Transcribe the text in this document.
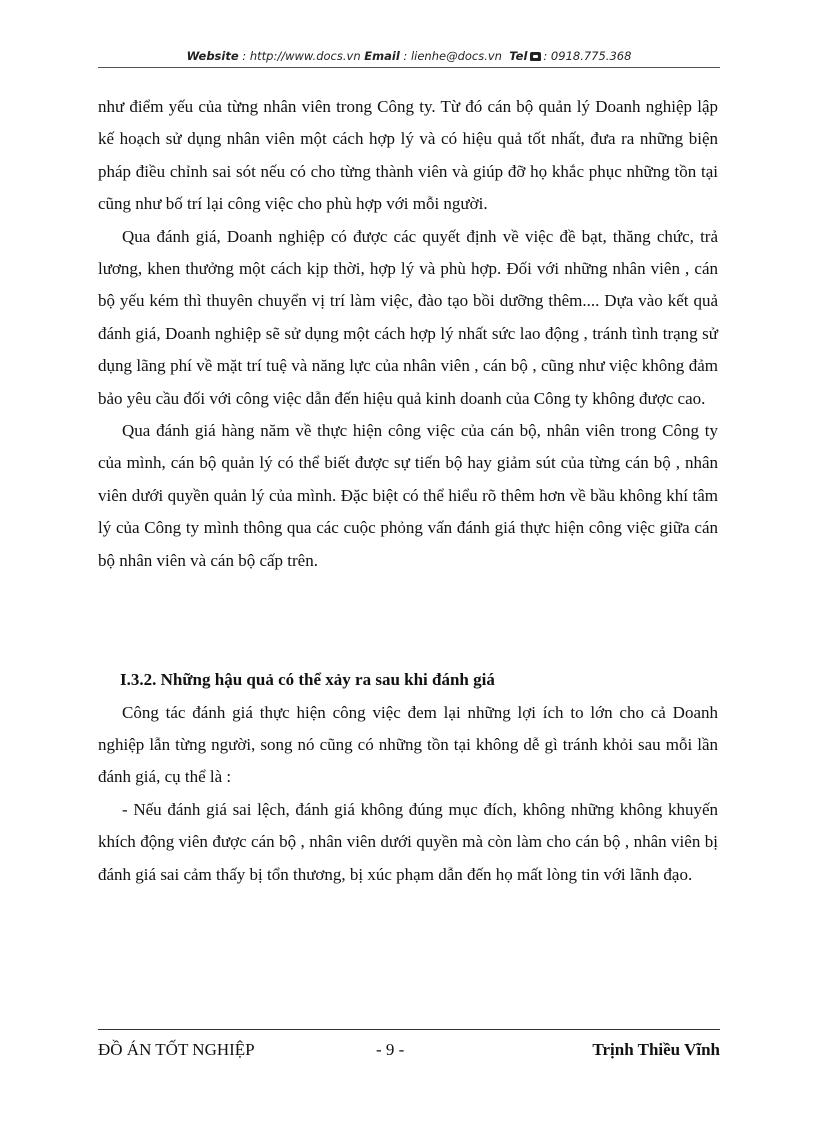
Website : http://www.docs.vn Email : lienhe@docs.vn Tel : 0918.775.368

như điểm yếu của từng nhân viên trong Công ty. Từ đó cán bộ quản lý Doanh nghiệp lập kế hoạch sử dụng nhân viên một cách hợp lý và có hiệu quả tốt nhất, đưa ra những biện pháp điều chỉnh sai sót nếu có cho từng thành viên và giúp đỡ họ khắc phục những tồn tại cũng như bố trí lại công việc cho phù hợp với mỗi người.

Qua đánh giá, Doanh nghiệp có được các quyết định về việc đề bạt, thăng chức, trả lương, khen thưởng một cách kịp thời, hợp lý và phù hợp. Đối với những nhân viên , cán bộ yếu kém thì thuyên chuyển vị trí làm việc, đào tạo bồi dưỡng thêm.... Dựa vào kết quả đánh giá, Doanh nghiệp sẽ sử dụng một cách hợp lý nhất sức lao động , tránh tình trạng sử dụng lãng phí về mặt trí tuệ và năng lực của nhân viên , cán bộ , cũng như việc không đảm bảo yêu cầu đối với công việc dẫn đến hiệu quả kinh doanh của Công ty không được cao.

Qua đánh giá hàng năm về thực hiện công việc của cán bộ, nhân viên trong Công ty của mình, cán bộ quản lý có thể biết được sự tiến bộ hay giảm sút của từng cán bộ , nhân viên dưới quyền quản lý của mình. Đặc biệt có thể hiểu rõ thêm hơn về bầu không khí tâm lý của Công ty mình thông qua các cuộc phỏng vấn đánh giá thực hiện công việc giữa cán bộ nhân viên và cán bộ cấp trên.

I.3.2. Những hậu quả có thể xảy ra sau khi đánh giá

Công tác đánh giá thực hiện công việc đem lại những lợi ích to lớn cho cả Doanh nghiệp lẫn từng người, song nó cũng có những tồn tại không dễ gì tránh khỏi sau mỗi lần đánh giá, cụ thể là :

- Nếu đánh giá sai lệch, đánh giá không đúng mục đích, không những không khuyến khích động viên được cán bộ , nhân viên dưới quyền mà còn làm cho cán bộ , nhân viên bị đánh giá sai cảm thấy bị tổn thương, bị xúc phạm dẫn đến họ mất lòng tin với lãnh đạo.

ĐỒ ÁN TỐT NGHIỆP	- 9 -	Trịnh Thiều Vĩnh
